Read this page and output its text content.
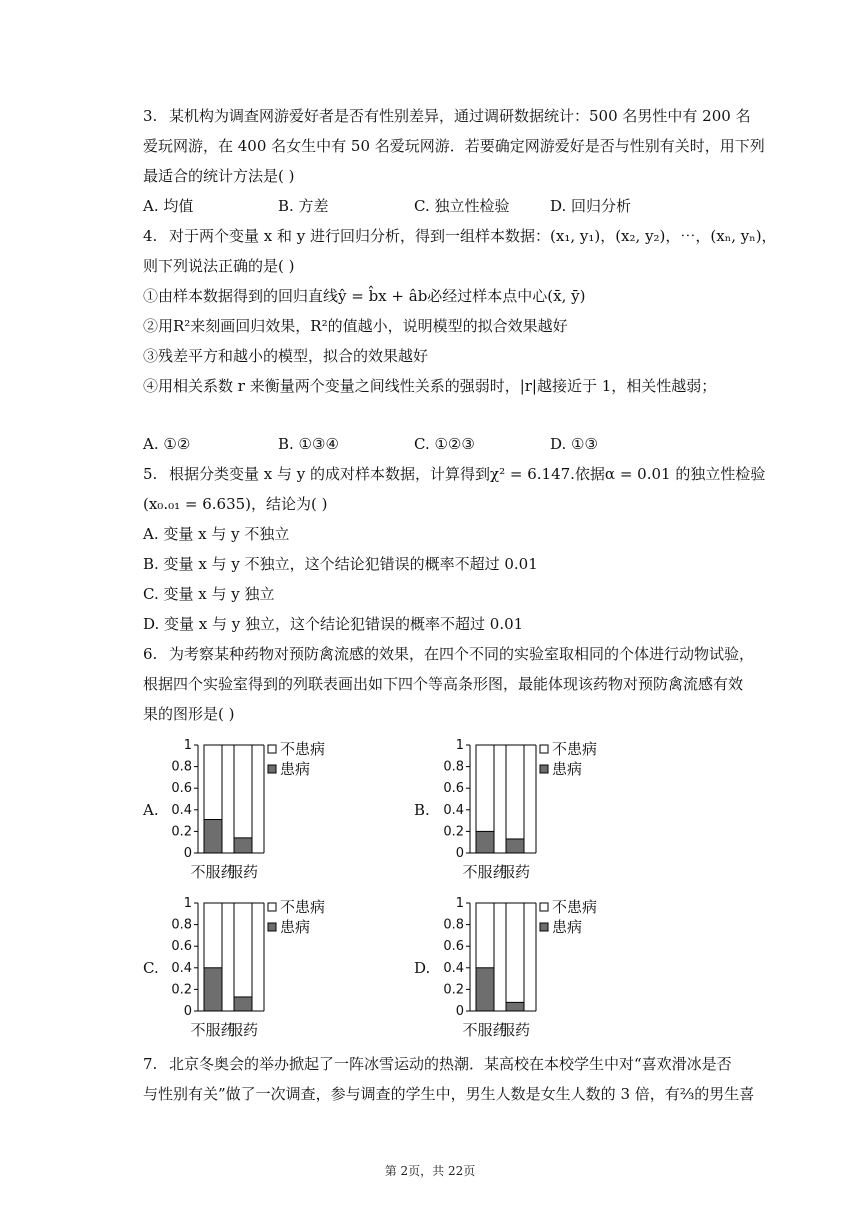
3. 某机构为调查网游爱好者是否有性别差异，通过调研数据统计：500 名男性中有 200 名
爱玩网游，在 400 名女生中有 50 名爱玩网游．若要确定网游爱好是否与性别有关时，用下列
最适合的统计方法是( )
A. 均值	B. 方差	C. 独立性检验	D. 回归分析
4. 对于两个变量 x 和 y 进行回归分析，得到一组样本数据：(x₁, y₁)，(x₂, y₂)，⋯，(xₙ, yₙ)，
则下列说法正确的是( )
①由样本数据得到的回归直线ŷ = b̂x + âb必经过样本点中心(x̄, ȳ)
②用R²来刻画回归效果，R²的值越小，说明模型的拟合效果越好
③残差平方和越小的模型，拟合的效果越好
④用相关系数 r 来衡量两个变量之间线性关系的强弱时，|r|越接近于 1，相关性越弱；
A. ①②	B. ①③④	C. ①②③	D. ①③
5. 根据分类变量 x 与 y 的成对样本数据，计算得到χ² = 6.147.依据α = 0.01 的独立性检验
(x₀.₀₁ = 6.635)，结论为( )
A. 变量 x 与 y 不独立
B. 变量 x 与 y 不独立，这个结论犯错误的概率不超过 0.01
C. 变量 x 与 y 独立
D. 变量 x 与 y 独立，这个结论犯错误的概率不超过 0.01
6. 为考察某种药物对预防禽流感的效果，在四个不同的实验室取相同的个体进行动物试验，
根据四个实验室得到的列联表画出如下四个等高条形图，最能体现该药物对预防禽流感有效
果的图形是( )
A.
0
0.2
0.4
0.6
0.8
1
不服药
服药
不患病
患病
B.
0
0.2
0.4
0.6
0.8
1
不服药
服药
不患病
患病
C.
0
0.2
0.4
0.6
0.8
1
不服药
服药
不患病
患病
D.
0
0.2
0.4
0.6
0.8
1
不服药
服药
不患病
患病
7. 北京冬奥会的举办掀起了一阵冰雪运动的热潮．某高校在本校学生中对“喜欢滑冰是否
与性别有关”做了一次调查，参与调查的学生中，男生人数是女生人数的 3 倍，有⅔的男生喜
第 2页，共 22页
